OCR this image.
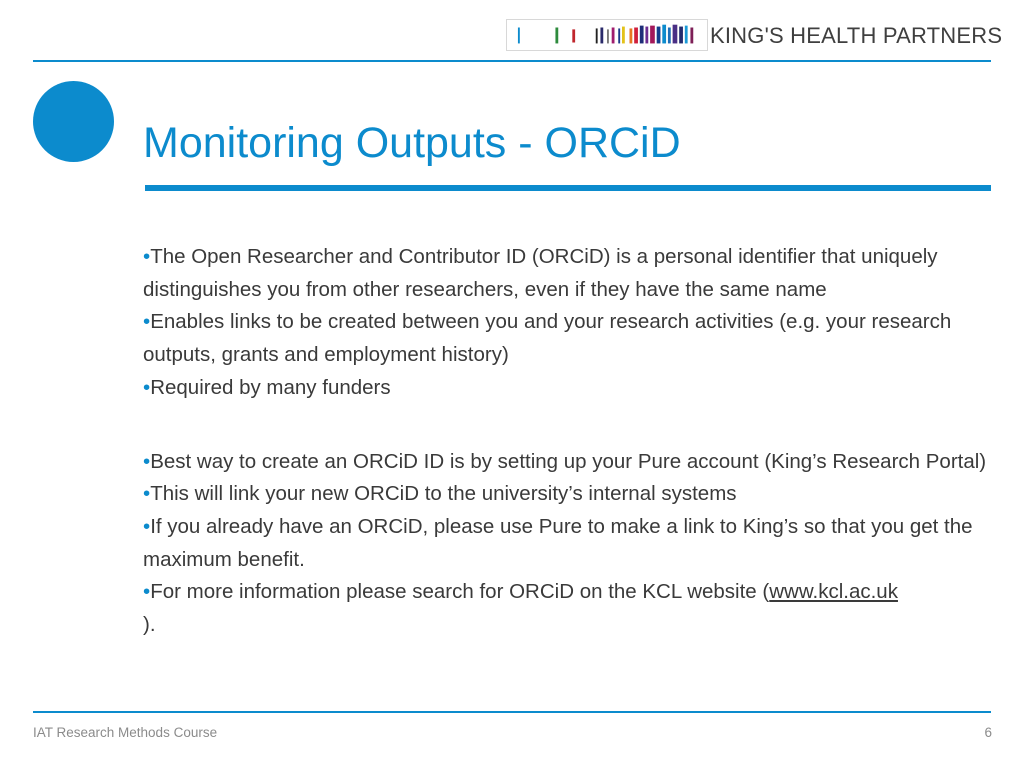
KING'S HEALTH PARTNERS
Monitoring Outputs - ORCiD

•The Open Researcher and Contributor ID (ORCiD) is a personal identifier that uniquely distinguishes you from other researchers, even if they have the same name

•Enables links to be created between you and your research activities (e.g. your research outputs, grants and employment history)

•Required by many funders

•Best way to create an ORCiD ID is by setting up your Pure account (King’s Research Portal)

•This will link your new ORCiD to the university’s internal systems

•If you already have an ORCiD, please use Pure to make a link to King’s so that you get the maximum benefit.

•For more information please search for ORCiD on the KCL website (www.kcl.ac.uk
).

IAT Research Methods Course	6
